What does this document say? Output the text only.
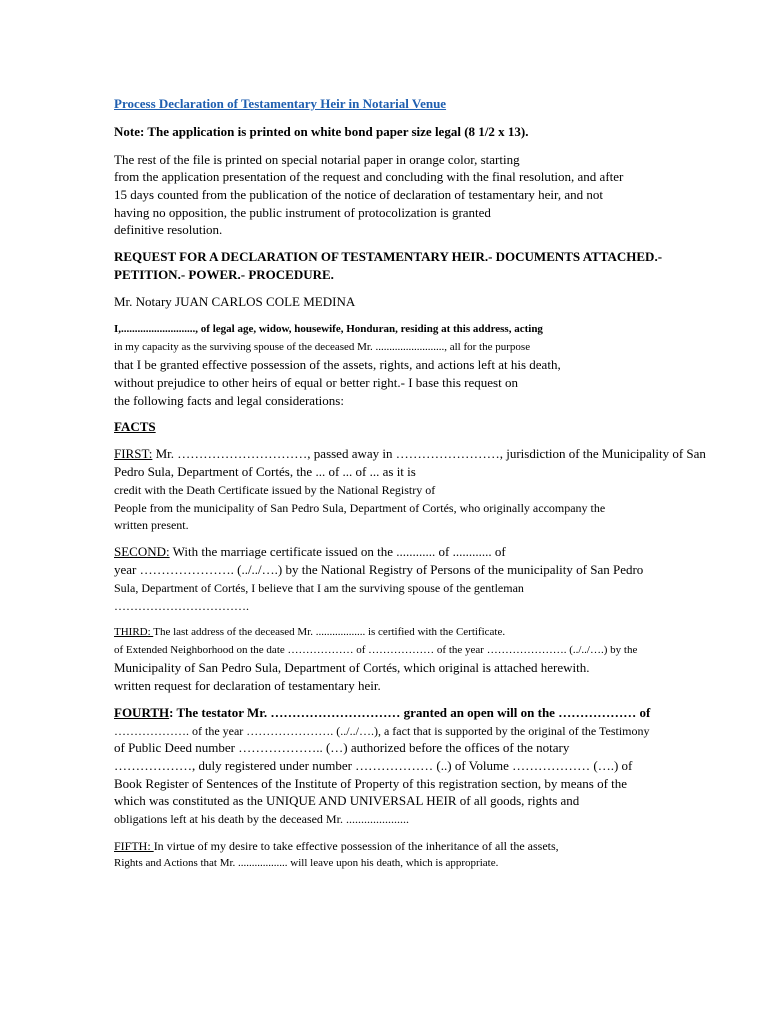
Process Declaration of Testamentary Heir in Notarial Venue
Note: The application is printed on white bond paper size legal (8 1/2 x 13).
The rest of the file is printed on special notarial paper in orange color, starting
from the application presentation of the request and concluding with the final resolution, and after
15 days counted from the publication of the notice of declaration of testamentary heir, and not
having no opposition, the public instrument of protocolization is granted
definitive resolution.
REQUEST FOR A DECLARATION OF TESTAMENTARY HEIR.- DOCUMENTS ATTACHED.-
PETITION.- POWER.- PROCEDURE.
Mr. Notary JUAN CARLOS COLE MEDINA
I,..........................., of legal age, widow, housewife, Honduran, residing at this address, acting
in my capacity as the surviving spouse of the deceased Mr. ........................., all for the purpose
that I be granted effective possession of the assets, rights, and actions left at his death,
without prejudice to other heirs of equal or better right.- I base this request on
the following facts and legal considerations:
FACTS
FIRST: Mr. …………………………, passed away in ……………………, jurisdiction of the Municipality of San
Pedro Sula, Department of Cortés, the ... of ... of ... as it is
credit with the Death Certificate issued by the National Registry of
People from the municipality of San Pedro Sula, Department of Cortés, who originally accompany the
written present.
SECOND: With the marriage certificate issued on the ............ of ............ of
year …………………. (../../….) by the National Registry of Persons of the municipality of San Pedro
Sula, Department of Cortés, I believe that I am the surviving spouse of the gentleman
…………………………….
THIRD: The last address of the deceased Mr. .................. is certified with the Certificate.
of Extended Neighborhood on the date ……………… of ……………… of the year …………………. (../../….) by the
Municipality of San Pedro Sula, Department of Cortés, which original is attached herewith.
written request for declaration of testamentary heir.
FOURTH: The testator Mr. ………………………… granted an open will on the ……………… of
………………. of the year …………………. (../../….), a fact that is supported by the original of the Testimony
of Public Deed number ……………….. (…) authorized before the offices of the notary
………………, duly registered under number ……………… (..) of Volume ……………… (….) of
Book Register of Sentences of the Institute of Property of this registration section, by means of the
which was constituted as the UNIQUE AND UNIVERSAL HEIR of all goods, rights and
obligations left at his death by the deceased Mr. .....................
FIFTH: In virtue of my desire to take effective possession of the inheritance of all the assets,
Rights and Actions that Mr. .................. will leave upon his death, which is appropriate.
